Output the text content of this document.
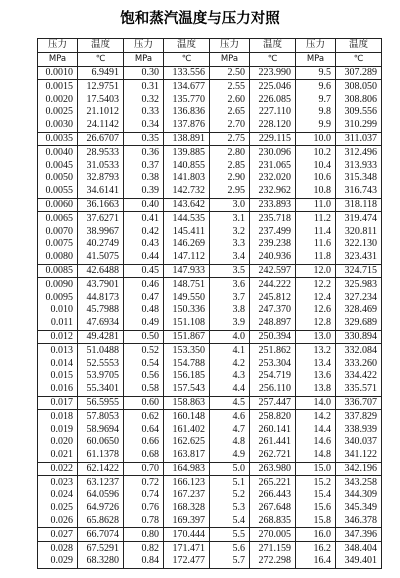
饱和蒸汽温度与压力对照
压力	温度	压力	温度	压力	温度	压力	温度
MPa	℃	MPa	℃	MPa	℃	MPa	℃
0.0010	6.9491	0.30	133.556	2.50	223.990	9.5	307.289
0.0015	12.9751	0.31	134.677	2.55	225.046	9.6	308.050
0.0020	17.5403	0.32	135.770	2.60	226.085	9.7	308.806
0.0025	21.1012	0.33	136.836	2.65	227.110	9.8	309.556
0.0030	24.1142	0.34	137.876	2.70	228.120	9.9	310.299
0.0035	26.6707	0.35	138.891	2.75	229.115	10.0	311.037
0.0040	28.9533	0.36	139.885	2.80	230.096	10.2	312.496
0.0045	31.0533	0.37	140.855	2.85	231.065	10.4	313.933
0.0050	32.8793	0.38	141.803	2.90	232.020	10.6	315.348
0.0055	34.6141	0.39	142.732	2.95	232.962	10.8	316.743
0.0060	36.1663	0.40	143.642	3.0	233.893	11.0	318.118
0.0065	37.6271	0.41	144.535	3.1	235.718	11.2	319.474
0.0070	38.9967	0.42	145.411	3.2	237.499	11.4	320.811
0.0075	40.2749	0.43	146.269	3.3	239.238	11.6	322.130
0.0080	41.5075	0.44	147.112	3.4	240.936	11.8	323.431
0.0085	42.6488	0.45	147.933	3.5	242.597	12.0	324.715
0.0090	43.7901	0.46	148.751	3.6	244.222	12.2	325.983
0.0095	44.8173	0.47	149.550	3.7	245.812	12.4	327.234
0.010	45.7988	0.48	150.336	3.8	247.370	12.6	328.469
0.011	47.6934	0.49	151.108	3.9	248.897	12.8	329.689
0.012	49.4281	0.50	151.867	4.0	250.394	13.0	330.894
0.013	51.0488	0.52	153.350	4.1	251.862	13.2	332.084
0.014	52.5553	0.54	154.788	4.2	253.304	13.4	333.260
0.015	53.9705	0.56	156.185	4.3	254.719	13.6	334.422
0.016	55.3401	0.58	157.543	4.4	256.110	13.8	335.571
0.017	56.5955	0.60	158.863	4.5	257.447	14.0	336.707
0.018	57.8053	0.62	160.148	4.6	258.820	14.2	337.829
0.019	58.9694	0.64	161.402	4.7	260.141	14.4	338.939
0.020	60.0650	0.66	162.625	4.8	261.441	14.6	340.037
0.021	61.1378	0.68	163.817	4.9	262.721	14.8	341.122
0.022	62.1422	0.70	164.983	5.0	263.980	15.0	342.196
0.023	63.1237	0.72	166.123	5.1	265.221	15.2	343.258
0.024	64.0596	0.74	167.237	5.2	266.443	15.4	344.309
0.025	64.9726	0.76	168.328	5.3	267.648	15.6	345.349
0.026	65.8628	0.78	169.397	5.4	268.835	15.8	346.378
0.027	66.7074	0.80	170.444	5.5	270.005	16.0	347.396
0.028	67.5291	0.82	171.471	5.6	271.159	16.2	348.404
0.029	68.3280	0.84	172.477	5.7	272.298	16.4	349.401
